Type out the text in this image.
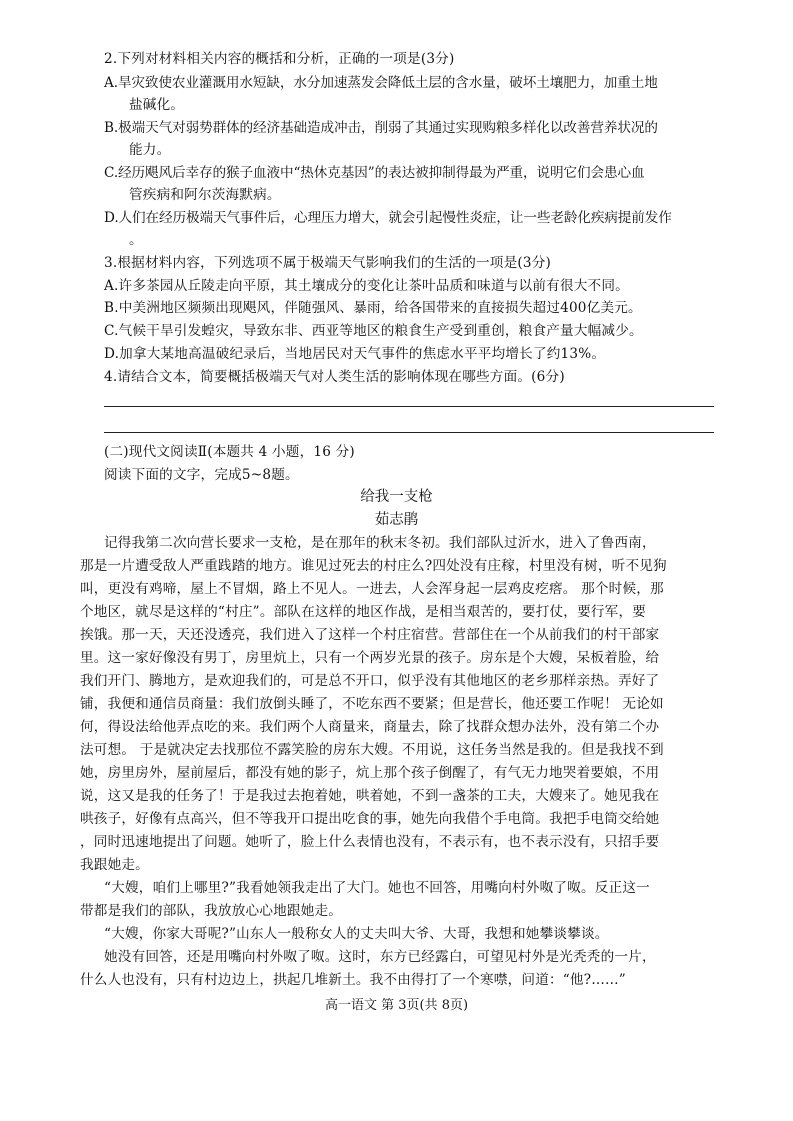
2.下列对材料相关内容的概括和分析，正确的一项是(3分)
A.旱灾致使农业灌溉用水短缺，水分加速蒸发会降低土层的含水量，破坏土壤肥力，加重土地
盐碱化。
B.极端天气对弱势群体的经济基础造成冲击，削弱了其通过实现购粮多样化以改善营养状况的
能力。
C.经历飓风后幸存的猴子血液中“热休克基因”的表达被抑制得最为严重，说明它们会患心血
管疾病和阿尔茨海默病。
D.人们在经历极端天气事件后，心理压力增大，就会引起慢性炎症，让一些老龄化疾病提前发作
。
3.根据材料内容，下列选项不属于极端天气影响我们的生活的一项是(3分)
A.许多茶园从丘陵走向平原，其土壤成分的变化让茶叶品质和味道与以前有很大不同。
B.中美洲地区频频出现飓风，伴随强风、暴雨，给各国带来的直接损失超过400亿美元。
C.气候干旱引发蝗灾，导致东非、西亚等地区的粮食生产受到重创，粮食产量大幅减少。
D.加拿大某地高温破纪录后，当地居民对天气事件的焦虑水平平均增长了约13%。
4.请结合文本，简要概括极端天气对人类生活的影响体现在哪些方面。(6分)
(二)现代文阅读Ⅱ(本题共 4 小题，16 分)
阅读下面的文字，完成5~8题。
给我一支枪
茹志鹃
记得我第二次向营长要求一支枪，是在那年的秋末冬初。我们部队过沂水，进入了鲁西南，
那是一片遭受敌人严重践踏的地方。谁见过死去的村庄么?四处没有庄稼，村里没有树，听不见狗
叫，更没有鸡啼，屋上不冒烟，路上不见人。一进去，人会浑身起一层鸡皮疙瘩。 那个时候，那
个地区，就尽是这样的“村庄”。部队在这样的地区作战，是相当艰苦的，要打仗，要行军，要
挨饿。那一天，天还没透亮，我们进入了这样一个村庄宿营。营部住在一个从前我们的村干部家
里。这一家好像没有男丁，房里炕上，只有一个两岁光景的孩子。房东是个大嫂，呆板着脸，给
我们开门、腾地方，是欢迎我们的，可是总不开口，似乎没有其他地区的老乡那样亲热。弄好了
铺，我便和通信员商量：我们放倒头睡了，不吃东西不要紧；但是营长，他还要工作呢！ 无论如
何，得设法给他弄点吃的来。我们两个人商量来，商量去，除了找群众想办法外，没有第二个办
法可想。 于是就决定去找那位不露笑脸的房东大嫂。不用说，这任务当然是我的。但是我找不到
她，房里房外，屋前屋后，都没有她的影子，炕上那个孩子倒醒了，有气无力地哭着要娘，不用
说，这又是我的任务了！于是我过去抱着她，哄着她，不到一盏茶的工夫，大嫂来了。她见我在
哄孩子，好像有点高兴，但不等我开口提出吃食的事，她先向我借个手电筒。我把手电筒交给她
，同时迅速地提出了问题。她听了，脸上什么表情也没有，不表示有，也不表示没有，只招手要
我跟她走。
“大嫂，咱们上哪里?”我看她领我走出了大门。她也不回答，用嘴向村外呶了呶。反正这一
带都是我们的部队，我放放心心地跟她走。
“大嫂，你家大哥呢?”山东人一般称女人的丈夫叫大爷、大哥，我想和她攀谈攀谈。
她没有回答，还是用嘴向村外呶了呶。这时，东方已经露白，可望见村外是光秃秃的一片，
什么人也没有，只有村边边上，拱起几堆新土。我不由得打了一个寒噤，问道：“他?……”
高一语文 第 3页(共 8页)
